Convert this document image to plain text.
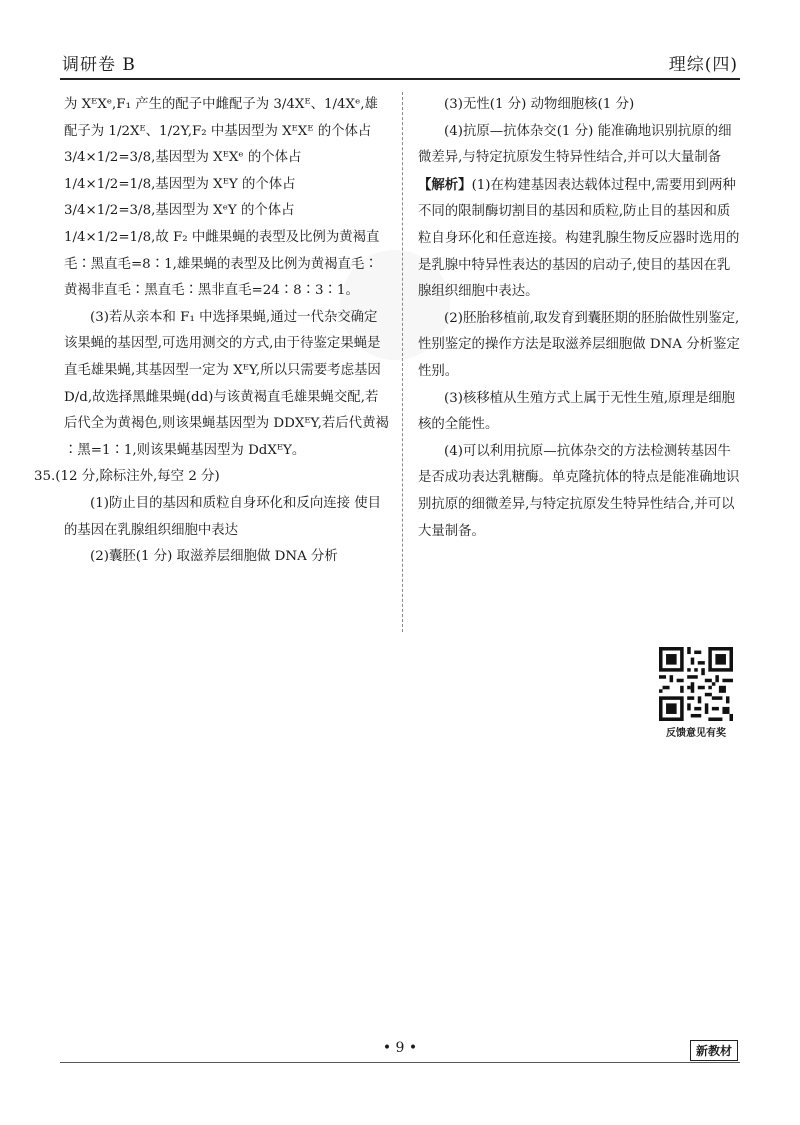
调研卷 B	理综(四)

为 XᴱXᵉ,F₁ 产生的配子中雌配子为 3/4Xᴱ、1/4Xᵉ,雄配子为 1/2Xᴱ、1/2Y,F₂ 中基因型为 XᴱXᴱ 的个体占 3/4×1/2=3/8,基因型为 XᴱXᵉ 的个体占 1/4×1/2=1/8,基因型为 XᴱY 的个体占 3/4×1/2=3/8,基因型为 XᵉY 的个体占 1/4×1/2=1/8,故 F₂ 中雌果蝇的表型及比例为黄褐直毛∶黑直毛=8∶1,雄果蝇的表型及比例为黄褐直毛∶黄褐非直毛∶黑直毛∶黑非直毛=24∶8∶3∶1。

(3)若从亲本和 F₁ 中选择果蝇,通过一代杂交确定该果蝇的基因型,可选用测交的方式,由于待鉴定果蝇是直毛雄果蝇,其基因型一定为 XᴱY,所以只需要考虑基因 D/d,故选择黑雌果蝇(dd)与该黄褐直毛雄果蝇交配,若后代全为黄褐色,则该果蝇基因型为 DDXᴱY,若后代黄褐∶黑=1∶1,则该果蝇基因型为 DdXᴱY。

35.(12 分,除标注外,每空 2 分)

(1)防止目的基因和质粒自身环化和反向连接 使目的基因在乳腺组织细胞中表达

(2)囊胚(1 分) 取滋养层细胞做 DNA 分析

(3)无性(1 分) 动物细胞核(1 分)

(4)抗原—抗体杂交(1 分) 能准确地识别抗原的细微差异,与特定抗原发生特异性结合,并可以大量制备

【解析】(1)在构建基因表达载体过程中,需要用到两种不同的限制酶切割目的基因和质粒,防止目的基因和质粒自身环化和任意连接。构建乳腺生物反应器时选用的是乳腺中特异性表达的基因的启动子,使目的基因在乳腺组织细胞中表达。

(2)胚胎移植前,取发育到囊胚期的胚胎做性别鉴定,性别鉴定的操作方法是取滋养层细胞做 DNA 分析鉴定性别。

(3)核移植从生殖方式上属于无性生殖,原理是细胞核的全能性。

(4)可以利用抗原—抗体杂交的方法检测转基因牛是否成功表达乳糖酶。单克隆抗体的特点是能准确地识别抗原的细微差异,与特定抗原发生特异性结合,并可以大量制备。

反馈意见有奖
• 9 •	新教材
